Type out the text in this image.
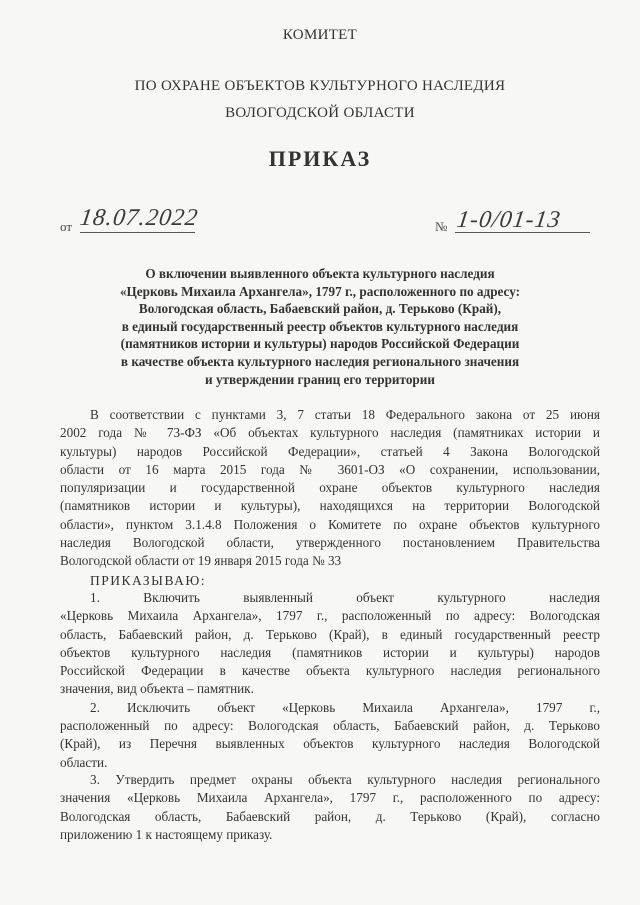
КОМИТЕТ
ПО ОХРАНЕ ОБЪЕКТОВ КУЛЬТУРНОГО НАСЛЕДИЯ
ВОЛОГОДСКОЙ ОБЛАСТИ
ПРИКАЗ
от 18.07.2022	№ 1-0/01-13
О включении выявленного объекта культурного наследия
«Церковь Михаила Архангела», 1797 г., расположенного по адресу:
Вологодская область, Бабаевский район, д. Терьково (Край),
в единый государственный реестр объектов культурного наследия
(памятников истории и культуры) народов Российской Федерации
в качестве объекта культурного наследия регионального значения
и утверждении границ его территории
В соответствии с пунктами 3, 7 статьи 18 Федерального закона от 25 июня
2002 года № 73-ФЗ «Об объектах культурного наследия (памятниках истории и
культуры) народов Российской Федерации», статьей 4 Закона Вологодской
области от 16 марта 2015 года № 3601-ОЗ «О сохранении, использовании,
популяризации и государственной охране объектов культурного наследия
(памятников истории и культуры), находящихся на территории Вологодской
области», пунктом 3.1.4.8 Положения о Комитете по охране объектов культурного
наследия Вологодской области, утвержденного постановлением Правительства
Вологодской области от 19 января 2015 года № 33
ПРИКАЗЫВАЮ:
1. Включить выявленный объект культурного наследия
«Церковь Михаила Архангела», 1797 г., расположенный по адресу: Вологодская
область, Бабаевский район, д. Терьково (Край), в единый государственный реестр
объектов культурного наследия (памятников истории и культуры) народов
Российской Федерации в качестве объекта культурного наследия регионального
значения, вид объекта – памятник.
2. Исключить объект «Церковь Михаила Архангела», 1797 г.,
расположенный по адресу: Вологодская область, Бабаевский район, д. Терьково
(Край), из Перечня выявленных объектов культурного наследия Вологодской
области.
3. Утвердить предмет охраны объекта культурного наследия регионального
значения «Церковь Михаила Архангела», 1797 г., расположенного по адресу:
Вологодская область, Бабаевский район, д. Терьково (Край), согласно
приложению 1 к настоящему приказу.
